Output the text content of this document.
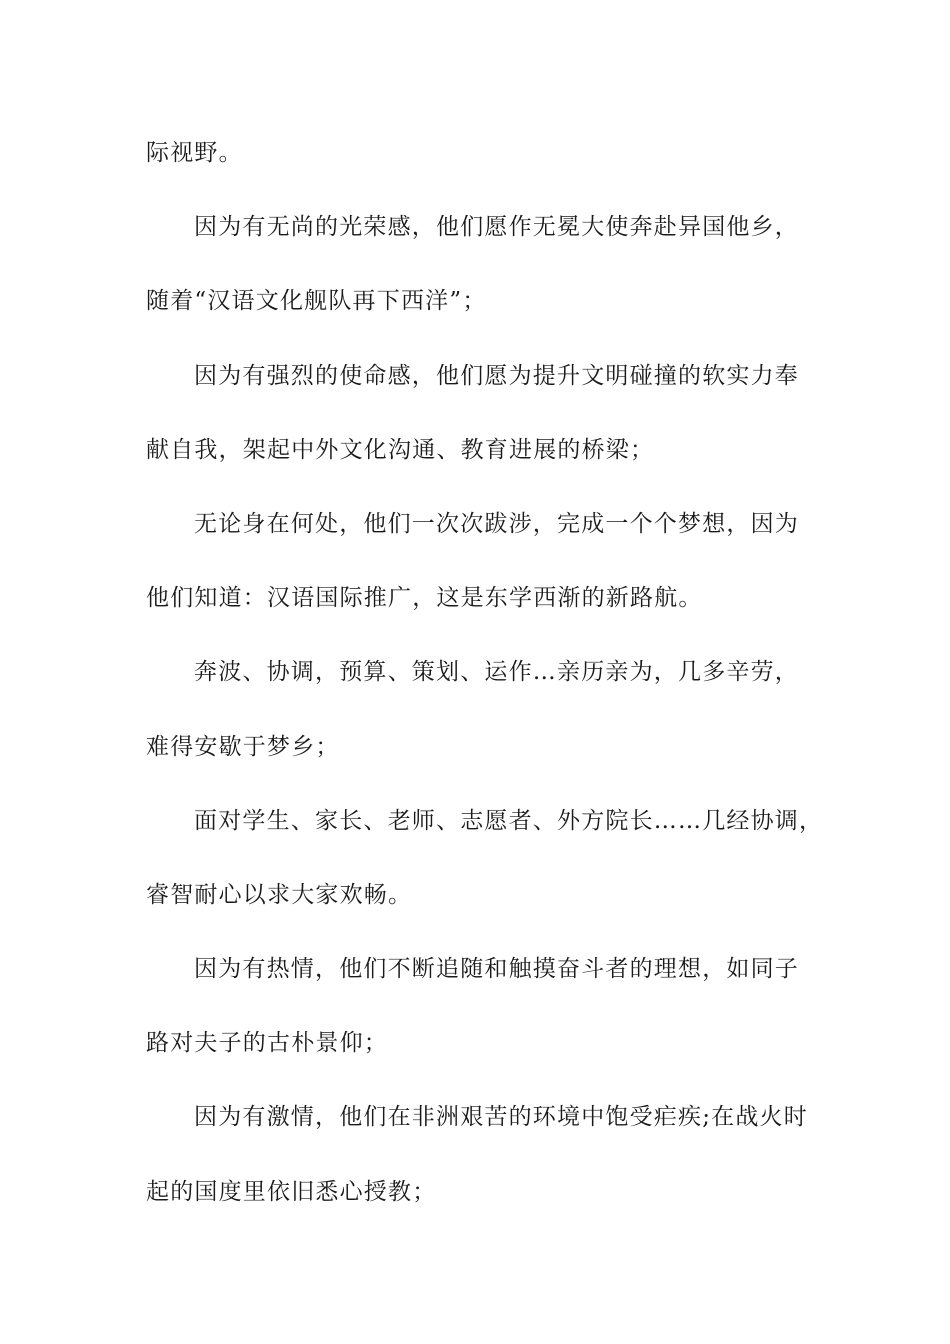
际视野。
因为有无尚的光荣感，他们愿作无冕大使奔赴异国他乡，
随着“汉语文化舰队再下西洋”；
因为有强烈的使命感，他们愿为提升文明碰撞的软实力奉
献自我，架起中外文化沟通、教育进展的桥梁；
无论身在何处，他们一次次跋涉，完成一个个梦想，因为
他们知道：汉语国际推广，这是东学西渐的新路航。
奔波、协调，预算、策划、运作…亲历亲为，几多辛劳，
难得安歇于梦乡；
面对学生、家长、老师、志愿者、外方院长……几经协调，
睿智耐心以求大家欢畅。
因为有热情，他们不断追随和触摸奋斗者的理想，如同子
路对夫子的古朴景仰；
因为有激情，他们在非洲艰苦的环境中饱受疟疾;在战火时
起的国度里依旧悉心授教；
